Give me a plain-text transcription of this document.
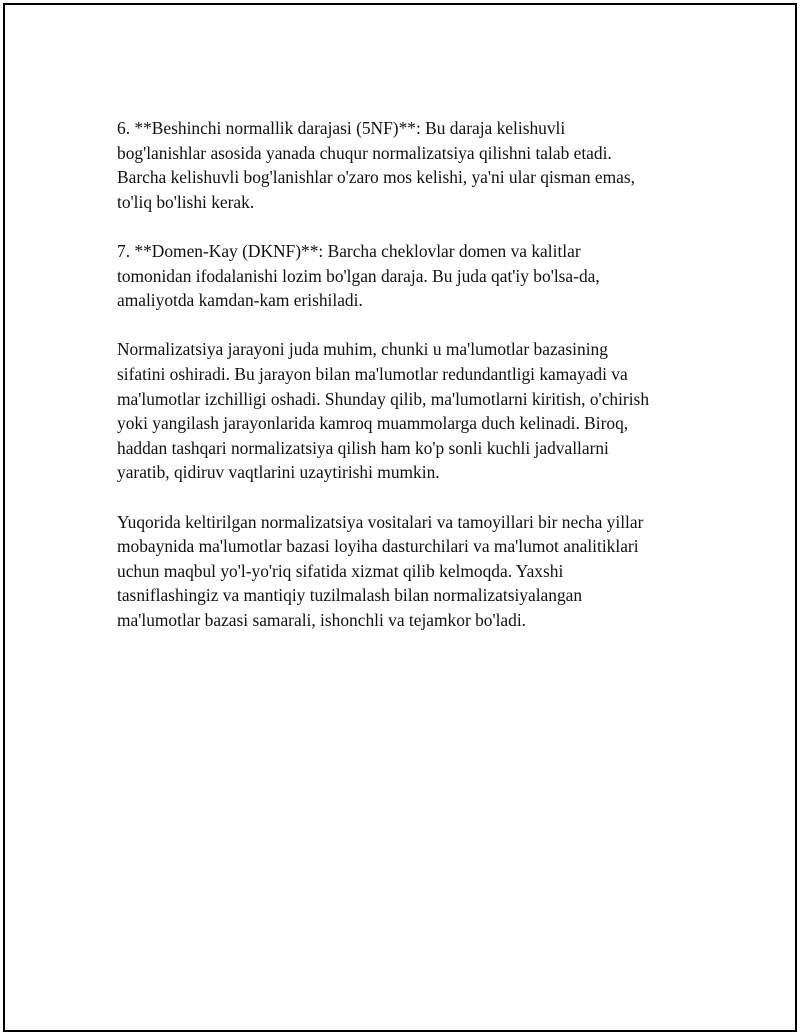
6. **Beshinchi normallik darajasi (5NF)**: Bu daraja kelishuvli
bog'lanishlar asosida yanada chuqur normalizatsiya qilishni talab etadi.
Barcha kelishuvli bog'lanishlar o'zaro mos kelishi, ya'ni ular qisman emas,
to'liq bo'lishi kerak.

7. **Domen-Kay (DKNF)**: Barcha cheklovlar domen va kalitlar
tomonidan ifodalanishi lozim bo'lgan daraja. Bu juda qat'iy bo'lsa-da,
amaliyotda kamdan-kam erishiladi.

Normalizatsiya jarayoni juda muhim, chunki u ma'lumotlar bazasining
sifatini oshiradi. Bu jarayon bilan ma'lumotlar redundantligi kamayadi va
ma'lumotlar izchilligi oshadi. Shunday qilib, ma'lumotlarni kiritish, o'chirish
yoki yangilash jarayonlarida kamroq muammolarga duch kelinadi. Biroq,
haddan tashqari normalizatsiya qilish ham ko'p sonli kuchli jadvallarni
yaratib, qidiruv vaqtlarini uzaytirishi mumkin.

Yuqorida keltirilgan normalizatsiya vositalari va tamoyillari bir necha yillar
mobaynida ma'lumotlar bazasi loyiha dasturchilari va ma'lumot analitiklari
uchun maqbul yo'l-yo'riq sifatida xizmat qilib kelmoqda. Yaxshi
tasniflashingiz va mantiqiy tuzilmalash bilan normalizatsiyalangan
ma'lumotlar bazasi samarali, ishonchli va tejamkor bo'ladi.
